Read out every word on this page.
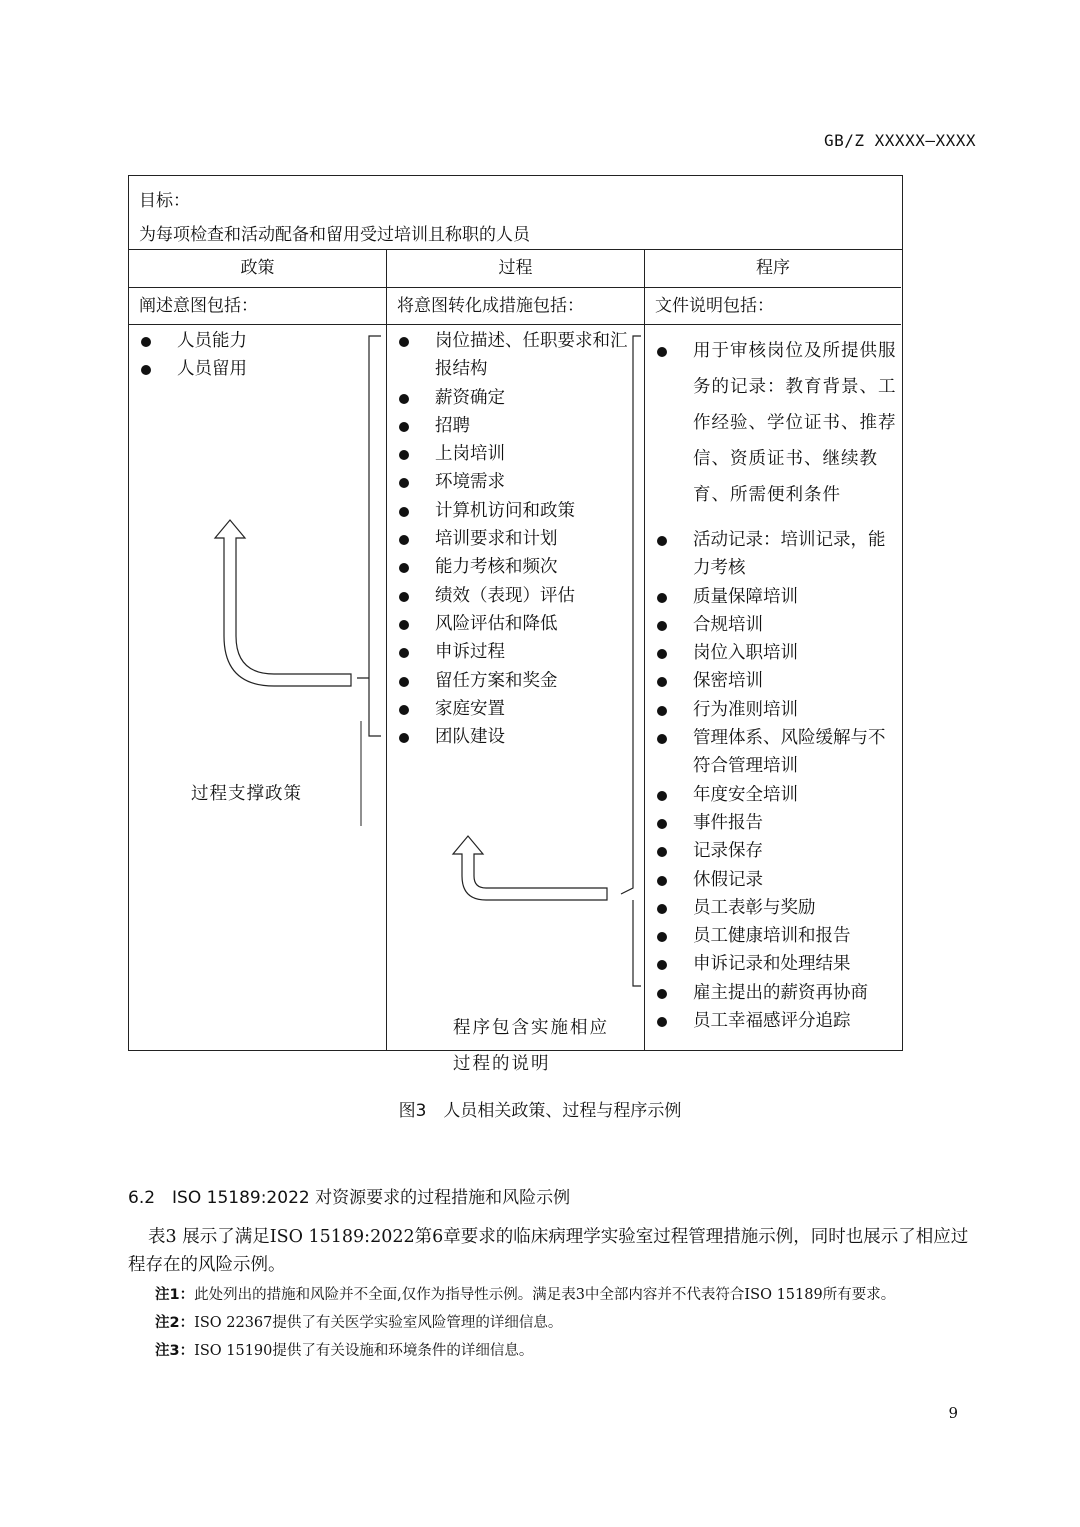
GB/Z XXXXX—XXXX
目标：
为每项检查和活动配备和留用受过培训且称职的人员
政策
阐述意图包括：
人员能力
人员留用
过程支撑政策
过程
将意图转化成措施包括：
岗位描述、任职要求和汇报结构
薪资确定
招聘
上岗培训
环境需求
计算机访问和政策
培训要求和计划
能力考核和频次
绩效（表现）评估
风险评估和降低
申诉过程
留任方案和奖金
家庭安置
团队建设
程序包含实施相应过程的说明
程序
文件说明包括：
用于审核岗位及所提供服务的记录：教育背景、工作经验、学位证书、推荐信、资质证书、继续教育、所需便利条件
活动记录：培训记录，能力考核
质量保障培训
合规培训
岗位入职培训
保密培训
行为准则培训
管理体系、风险缓解与不符合管理培训
年度安全培训
事件报告
记录保存
休假记录
员工表彰与奖励
员工健康培训和报告
申诉记录和处理结果
雇主提出的薪资再协商
员工幸福感评分追踪
图3　人员相关政策、过程与程序示例
6.2　ISO 15189:2022 对资源要求的过程措施和风险示例
表3 展示了满足ISO 15189:2022第6章要求的临床病理学实验室过程管理措施示例，同时也展示了相应过程存在的风险示例。
注1：此处列出的措施和风险并不全面,仅作为指导性示例。满足表3中全部内容并不代表符合ISO 15189所有要求。
注2：ISO 22367提供了有关医学实验室风险管理的详细信息。
注3：ISO 15190提供了有关设施和环境条件的详细信息。
9
